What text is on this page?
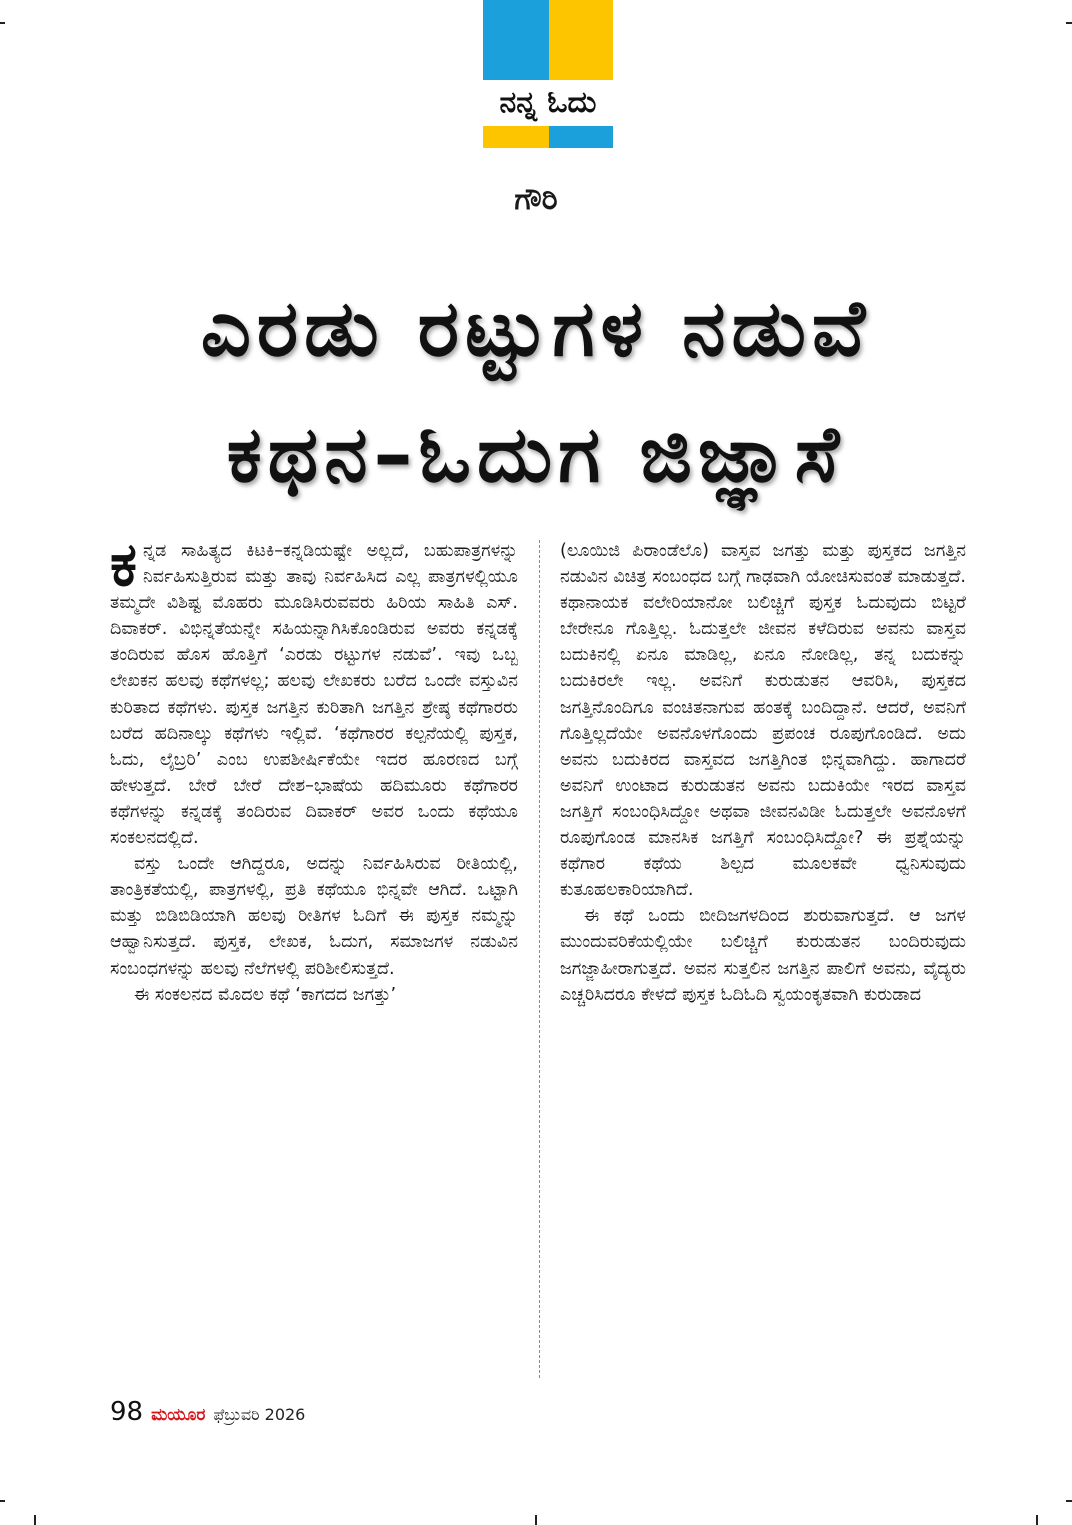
ನನ್ನ ಓದು
ಗೌರಿ
ಎರಡು ರಟ್ಟುಗಳ ನಡುವೆ
ಕಥನ–ಓದುಗ ಜಿಜ್ಞಾಸೆ

ಕನ್ನಡ ಸಾಹಿತ್ಯದ ಕಿಟಕಿ–ಕನ್ನಡಿಯಷ್ಟೇ ಅಲ್ಲದೆ, ಬಹುಪಾತ್ರಗಳನ್ನು ನಿರ್ವಹಿಸುತ್ತಿರುವ ಮತ್ತು ತಾವು ನಿರ್ವಹಿಸಿದ ಎಲ್ಲ ಪಾತ್ರಗಳಲ್ಲಿಯೂ ತಮ್ಮದೇ ವಿಶಿಷ್ಟ ಮೊಹರು ಮೂಡಿಸಿರುವವರು ಹಿರಿಯ ಸಾಹಿತಿ ಎಸ್. ದಿವಾಕರ್. ವಿಭಿನ್ನತೆಯನ್ನೇ ಸಹಿಯನ್ನಾಗಿಸಿಕೊಂಡಿರುವ ಅವರು ಕನ್ನಡಕ್ಕೆ ತಂದಿರುವ ಹೊಸ ಹೊತ್ತಿಗೆ ‘ಎರಡು ರಟ್ಟುಗಳ ನಡುವೆ’. ಇವು ಒಬ್ಬ ಲೇಖಕನ ಹಲವು ಕಥೆಗಳಲ್ಲ; ಹಲವು ಲೇಖಕರು ಬರೆದ ಒಂದೇ ವಸ್ತುವಿನ ಕುರಿತಾದ ಕಥೆಗಳು. ಪುಸ್ತಕ ಜಗತ್ತಿನ ಕುರಿತಾಗಿ ಜಗತ್ತಿನ ಶ್ರೇಷ್ಠ ಕಥೆಗಾರರು ಬರೆದ ಹದಿನಾಲ್ಕು ಕಥೆಗಳು ಇಲ್ಲಿವೆ. ‘ಕಥೆಗಾರರ ಕಲ್ಪನೆಯಲ್ಲಿ ಪುಸ್ತಕ, ಓದು, ಲೈಬ್ರರಿ’ ಎಂಬ ಉಪಶೀರ್ಷಿಕೆಯೇ ಇದರ ಹೂರಣದ ಬಗ್ಗೆ ಹೇಳುತ್ತದೆ. ಬೇರೆ ಬೇರೆ ದೇಶ–ಭಾಷೆಯ ಹದಿಮೂರು ಕಥೆಗಾರರ ಕಥೆಗಳನ್ನು ಕನ್ನಡಕ್ಕೆ ತಂದಿರುವ ದಿವಾಕರ್ ಅವರ ಒಂದು ಕಥೆಯೂ ಸಂಕಲನದಲ್ಲಿದೆ.

ವಸ್ತು ಒಂದೇ ಆಗಿದ್ದರೂ, ಅದನ್ನು ನಿರ್ವಹಿಸಿರುವ ರೀತಿಯಲ್ಲಿ, ತಾಂತ್ರಿಕತೆಯಲ್ಲಿ, ಪಾತ್ರಗಳಲ್ಲಿ, ಪ್ರತಿ ಕಥೆಯೂ ಭಿನ್ನವೇ ಆಗಿದೆ. ಒಟ್ಟಾಗಿ ಮತ್ತು ಬಿಡಿಬಿಡಿಯಾಗಿ ಹಲವು ರೀತಿಗಳ ಓದಿಗೆ ಈ ಪುಸ್ತಕ ನಮ್ಮನ್ನು ಆಹ್ವಾನಿಸುತ್ತದೆ. ಪುಸ್ತಕ, ಲೇಖಕ, ಓದುಗ, ಸಮಾಜಗಳ ನಡುವಿನ ಸಂಬಂಧಗಳನ್ನು ಹಲವು ನೆಲೆಗಳಲ್ಲಿ ಪರಿಶೀಲಿಸುತ್ತದೆ.

ಈ ಸಂಕಲನದ ಮೊದಲ ಕಥೆ ‘ಕಾಗದದ ಜಗತ್ತು’

(ಲೂಯಿಜಿ ಪಿರಾಂಡೆಲೊ) ವಾಸ್ತವ ಜಗತ್ತು ಮತ್ತು ಪುಸ್ತಕದ ಜಗತ್ತಿನ ನಡುವಿನ ವಿಚಿತ್ರ ಸಂಬಂಧದ ಬಗ್ಗೆ ಗಾಢವಾಗಿ ಯೋಚಿಸುವಂತೆ ಮಾಡುತ್ತದೆ. ಕಥಾನಾಯಕ ವಲೇರಿಯಾನೋ ಬಲಿಚ್ಚಿಗೆ ಪುಸ್ತಕ ಓದುವುದು ಬಿಟ್ಟರೆ ಬೇರೇನೂ ಗೊತ್ತಿಲ್ಲ. ಓದುತ್ತಲೇ ಜೀವನ ಕಳೆದಿರುವ ಅವನು ವಾಸ್ತವ ಬದುಕಿನಲ್ಲಿ ಏನೂ ಮಾಡಿಲ್ಲ, ಏನೂ ನೋಡಿಲ್ಲ, ತನ್ನ ಬದುಕನ್ನು ಬದುಕಿರಲೇ ಇಲ್ಲ. ಅವನಿಗೆ ಕುರುಡುತನ ಆವರಿಸಿ, ಪುಸ್ತಕದ ಜಗತ್ತಿನೊಂದಿಗೂ ವಂಚಿತನಾಗುವ ಹಂತಕ್ಕೆ ಬಂದಿದ್ದಾನೆ. ಆದರೆ, ಅವನಿಗೆ ಗೊತ್ತಿಲ್ಲದೆಯೇ ಅವನೊಳಗೊಂದು ಪ್ರಪಂಚ ರೂಪುಗೊಂಡಿದೆ. ಅದು ಅವನು ಬದುಕಿರದ ವಾಸ್ತವದ ಜಗತ್ತಿಗಿಂತ ಭಿನ್ನವಾಗಿದ್ದು. ಹಾಗಾದರೆ ಅವನಿಗೆ ಉಂಟಾದ ಕುರುಡುತನ ಅವನು ಬದುಕಿಯೇ ಇರದ ವಾಸ್ತವ ಜಗತ್ತಿಗೆ ಸಂಬಂಧಿಸಿದ್ದೋ ಅಥವಾ ಜೀವನವಿಡೀ ಓದುತ್ತಲೇ ಅವನೊಳಗೆ ರೂಪುಗೊಂಡ ಮಾನಸಿಕ ಜಗತ್ತಿಗೆ ಸಂಬಂಧಿಸಿದ್ದೋ? ಈ ಪ್ರಶ್ನೆಯನ್ನು ಕಥೆಗಾರ ಕಥೆಯ ಶಿಲ್ಪದ ಮೂಲಕವೇ ಧ್ವನಿಸುವುದು ಕುತೂಹಲಕಾರಿಯಾಗಿದೆ.

ಈ ಕಥೆ ಒಂದು ಬೀದಿಜಗಳದಿಂದ ಶುರುವಾಗುತ್ತದೆ. ಆ ಜಗಳ ಮುಂದುವರಿಕೆಯಲ್ಲಿಯೇ ಬಲಿಚ್ಚಿಗೆ ಕುರುಡುತನ ಬಂದಿರುವುದು ಜಗಜ್ಜಾಹೀರಾಗುತ್ತದೆ. ಅವನ ಸುತ್ತಲಿನ ಜಗತ್ತಿನ ಪಾಲಿಗೆ ಅವನು, ವೈದ್ಯರು ಎಚ್ಚರಿಸಿದರೂ ಕೇಳದೆ ಪುಸ್ತಕ ಓದಿಓದಿ ಸ್ವಯಂಕೃತವಾಗಿ ಕುರುಡಾದ

98 ಮಯೂರ ಫೆಬ್ರುವರಿ 2026
